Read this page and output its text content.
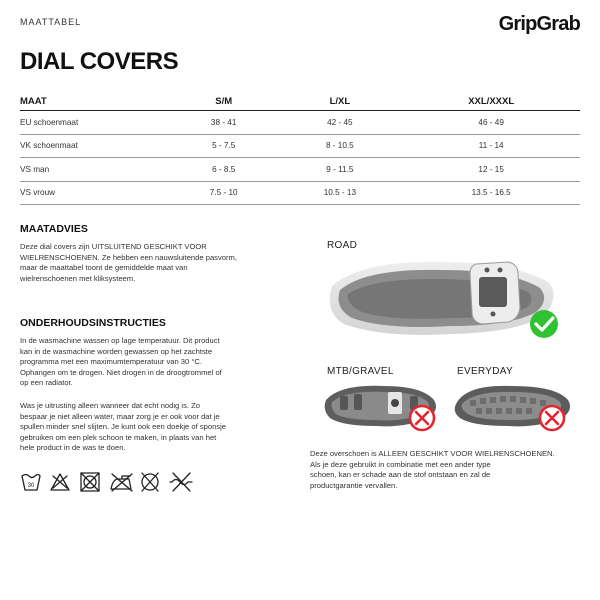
MAATTABEL	GripGrab
DIAL COVERS
MAAT	S/M	L/XL	XXL/XXXL
EU schoenmaat	38 - 41	42 - 45	46 - 49
VK schoenmaat	5 - 7.5	8 - 10.5	11 - 14
VS man	6 - 8.5	9 - 11.5	12 - 15
VS vrouw	7.5 - 10	10.5 - 13	13.5 - 16.5
MAATADVIES
Deze dial covers zijn UITSLUITEND GESCHIKT VOOR
WIELRENSCHOENEN. Ze hebben een nauwsluitende pasvorm,
maar de maattabel toont de gemiddelde maat van
wielrenschoenen met kliksysteem.
ONDERHOUDSINSTRUCTIES
In de wasmachine wassen op lage temperatuur. Dit product
kan in de wasmachine worden gewassen op het zachtste
programma met een maximumtemperatuur van 30 °C.
Ophangen om te drogen. Niet drogen in de droogtrommel of
op een radiator.
Was je uitrusting alleen wanneer dat echt nodig is. Zo
bespaar je niet alleen water, maar zorg je er ook voor dat je
spullen minder snel slijten. Je kunt ook een doekje of sponsje
gebruiken om een plek schoon te maken, in plaats van het
hele product in de was te doen.
30
ROAD
MTB/GRAVEL	EVERYDAY
Deze overschoen is ALLEEN GESCHIKT VOOR WIELRENSCHOENEN.
Als je deze gebruikt in combinatie met een ander type
schoen, kan er schade aan de stof ontstaan en zal de
productgarantie vervallen.
